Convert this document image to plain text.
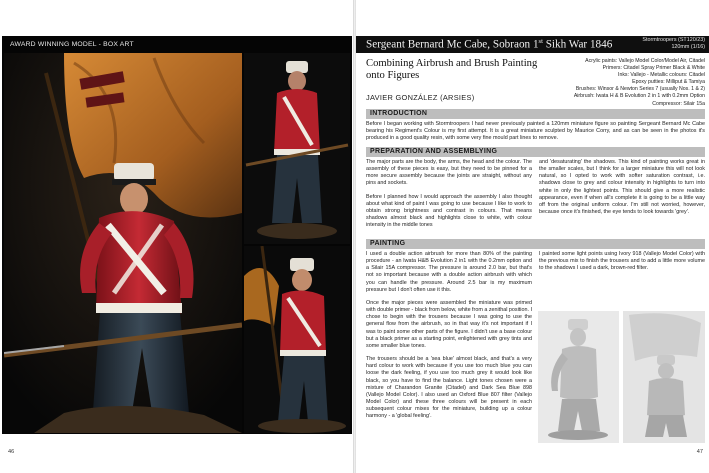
AWARD WINNING MODEL - BOX ART
46
Sergeant Bernard Mc Cabe, Sobraon 1st Sikh War 1846	Stormtroopers (ST120/23)
120mm (1/16)
Combining Airbrush and Brush Painting
onto Figures
Acrylic paints: Vallejo Model Color/Model Air, Citadel
Primers: Citadel Spray Primer Black & White
Inks: Vallejo - Metallic colours: Citadel
Epoxy putties: Milliput & Tamiya
Brushes: Winsor & Newton Series 7 (usually Nos. 1 & 2)
Airbrush: Iwata H & B Evolution 2 in 1 with 0.2mm Option
Compressor: Silair 15a
JAVIER GONZÁLEZ (ARSIES)
INTRODUCTION
Before I began working with Stormtroopers I had never previously painted a 120mm miniature figure so painting Sergeant Bernard Mc Cabe bearing his Regiment's Colour is my first attempt. It is a great miniature sculpted by Maurice Corry, and as can be seen in the photos it's produced in a good quality resin, with some very fine mould part lines to remove.
PREPARATION AND ASSEMBLYING

The major parts are the body, the arms, the head and the colour. The assembly of these pieces is easy, but they need to be pinned for a more secure assembly because the joints are straight, without any pins and sockets.

Before I planned how I would approach the assembly I also thought about what kind of paint I was going to use because I like to work to obtain strong brightness and contrast in colours. That means shadows almost black and highlights close to white, with colour intensity in the middle tones

and 'desaturating' the shadows. This kind of painting works great in the smaller scales, but I think for a larger miniature this will not look natural, so I opted to work with softer saturation contrast, i.e. shadows close to grey and colour intensity in highlights to turn into white in only the lightest points. This should give a more realistic appearance, even if when all's complete it is going to be a little way off from the original uniform colour. I'm still not worried, however, because once it's finished, the eye tends to look towards 'grey'.

PAINTING

I used a double action airbrush for more than 80% of the painting procedure - an Iwata H&B Evolution 2 in1 with the 0.2mm option and a Silair 15A compressor. The pressure is around 2.0 bar, but that's not so important because with a double action airbrush with which you can handle the pressure. Around 2.5 bar is my maximum pressure but I don't often use it this.

Once the major pieces were assembled the miniature was primed with double primer - black from below, white from a zenithal position. I chose to begin with the trousers because I was going to use the general flow from the airbrush, so in that way it's not important if I was to paint some other parts of the figure. I didn't use a base colour but a black primer as a starting point, enlightened with grey tints and some smaller blue tones.

The trousers should be a 'sea blue' almost black, and that's a very hard colour to work with because if you use too much blue you can loose the dark feeling, if you use too much grey it would look like black, so you have to find the balance. Light tones chosen were a mixture of Charandon Granite (Citadel) and Dark Sea Blue 898 (Vallejo Model Color). I also used an Oxford Blue 807 filter (Vallejo Model Color) and these three colours will be present in each subsequent colour mixes for the miniature, building up a colour harmony - a 'global feeling'.

I painted some light points using Ivory 918 (Vallejo Model Color) with the previous mix to finish the trousers and to add a little more volume to the shadows I used a dark, brown-red filter.

47
